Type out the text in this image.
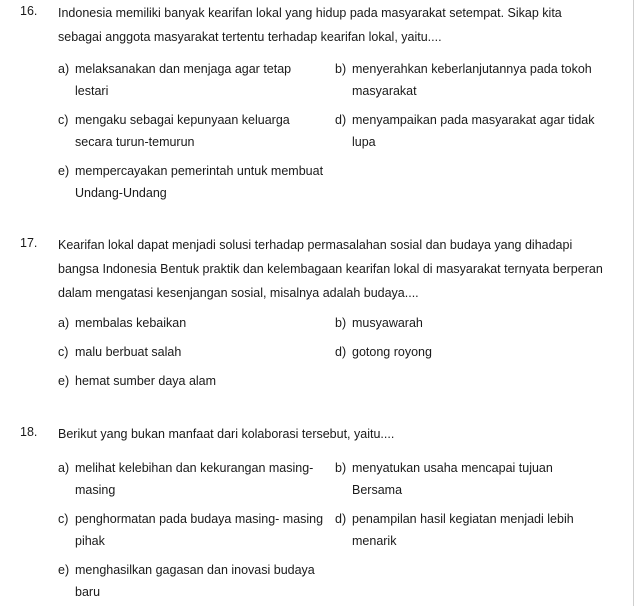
16.	Indonesia memiliki banyak kearifan lokal yang hidup pada masyarakat setempat. Sikap kita
sebagai anggota masyarakat tertentu terhadap kearifan lokal, yaitu....
a) melaksanakan dan menjaga agar tetap
lestari
b) menyerahkan keberlanjutannya pada tokoh
masyarakat
c) mengaku sebagai kepunyaan keluarga
secara turun-temurun
d) menyampaikan pada masyarakat agar tidak
lupa
e) mempercayakan pemerintah untuk membuat
Undang-Undang
17.	Kearifan lokal dapat menjadi solusi terhadap permasalahan sosial dan budaya yang dihadapi
bangsa Indonesia Bentuk praktik dan kelembagaan kearifan lokal di masyarakat ternyata berperan
dalam mengatasi kesenjangan sosial, misalnya adalah budaya....
a) membalas kebaikan	b) musyawarah
c) malu berbuat salah	d) gotong royong
e) hemat sumber daya alam
18.	Berikut yang bukan manfaat dari kolaborasi tersebut, yaitu....
a) melihat kelebihan dan kekurangan masing-
masing
b) menyatukan usaha mencapai tujuan
Bersama
c) penghormatan pada budaya masing- masing
pihak
d) penampilan hasil kegiatan menjadi lebih
menarik
e) menghasilkan gagasan dan inovasi budaya
baru
